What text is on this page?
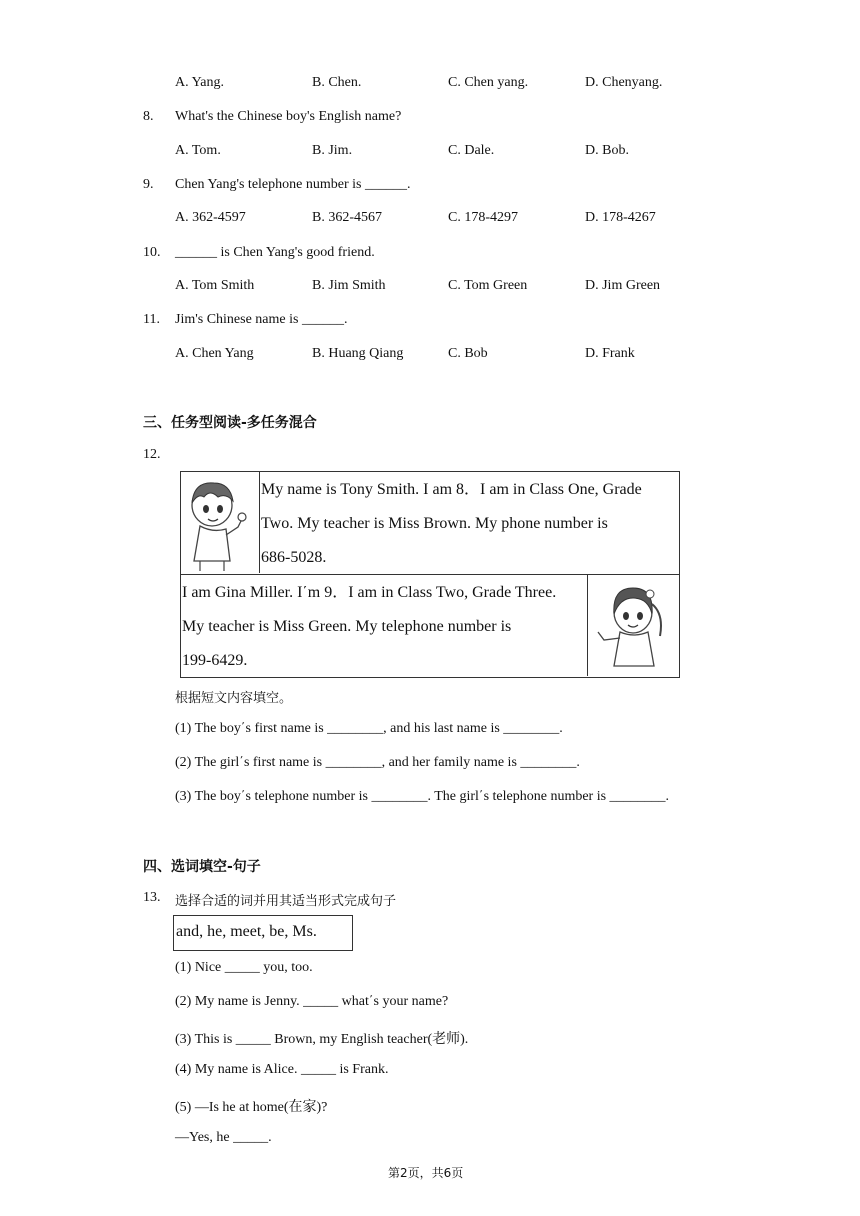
A. Yang.	B. Chen.	C. Chen yang.	D. Chenyang.
8. What's the Chinese boy's English name?
A. Tom.	B. Jim.	C. Dale.	D. Bob.
9. Chen Yang's telephone number is ______.
A. 362-4597	B. 362-4567	C. 178-4297	D. 178-4267
10. ______ is Chen Yang's good friend.
A. Tom Smith	B. Jim Smith	C. Tom Green	D. Jim Green
11. Jim's Chinese name is ______.
A. Chen Yang	B. Huang Qiang	C. Bob	D. Frank
三、任务型阅读-多任务混合
12.
My name is Tony Smith. I am 8．I am in Class One, Grade
Two. My teacher is Miss Brown. My phone number is
686-5028.
I am Gina Miller. I΄m 9．I am in Class Two, Grade Three.
My teacher is Miss Green. My telephone number is
199-6429.
根据短文内容填空。
(1) The boy΄s first name is ________, and his last name is ________.
(2) The girl΄s first name is ________, and her family name is ________.
(3) The boy΄s telephone number is ________. The girl΄s telephone number is ________.
四、选词填空-句子
13. 选择合适的词并用其适当形式完成句子
and, he, meet, be, Ms.
(1) Nice _____ you, too.
(2) My name is Jenny. _____ what΄s your name?
(3) This is _____ Brown, my English teacher(老师).
(4) My name is Alice. _____ is Frank.
(5) —Is he at home(在家)?
—Yes, he _____.
第2页，共6页
